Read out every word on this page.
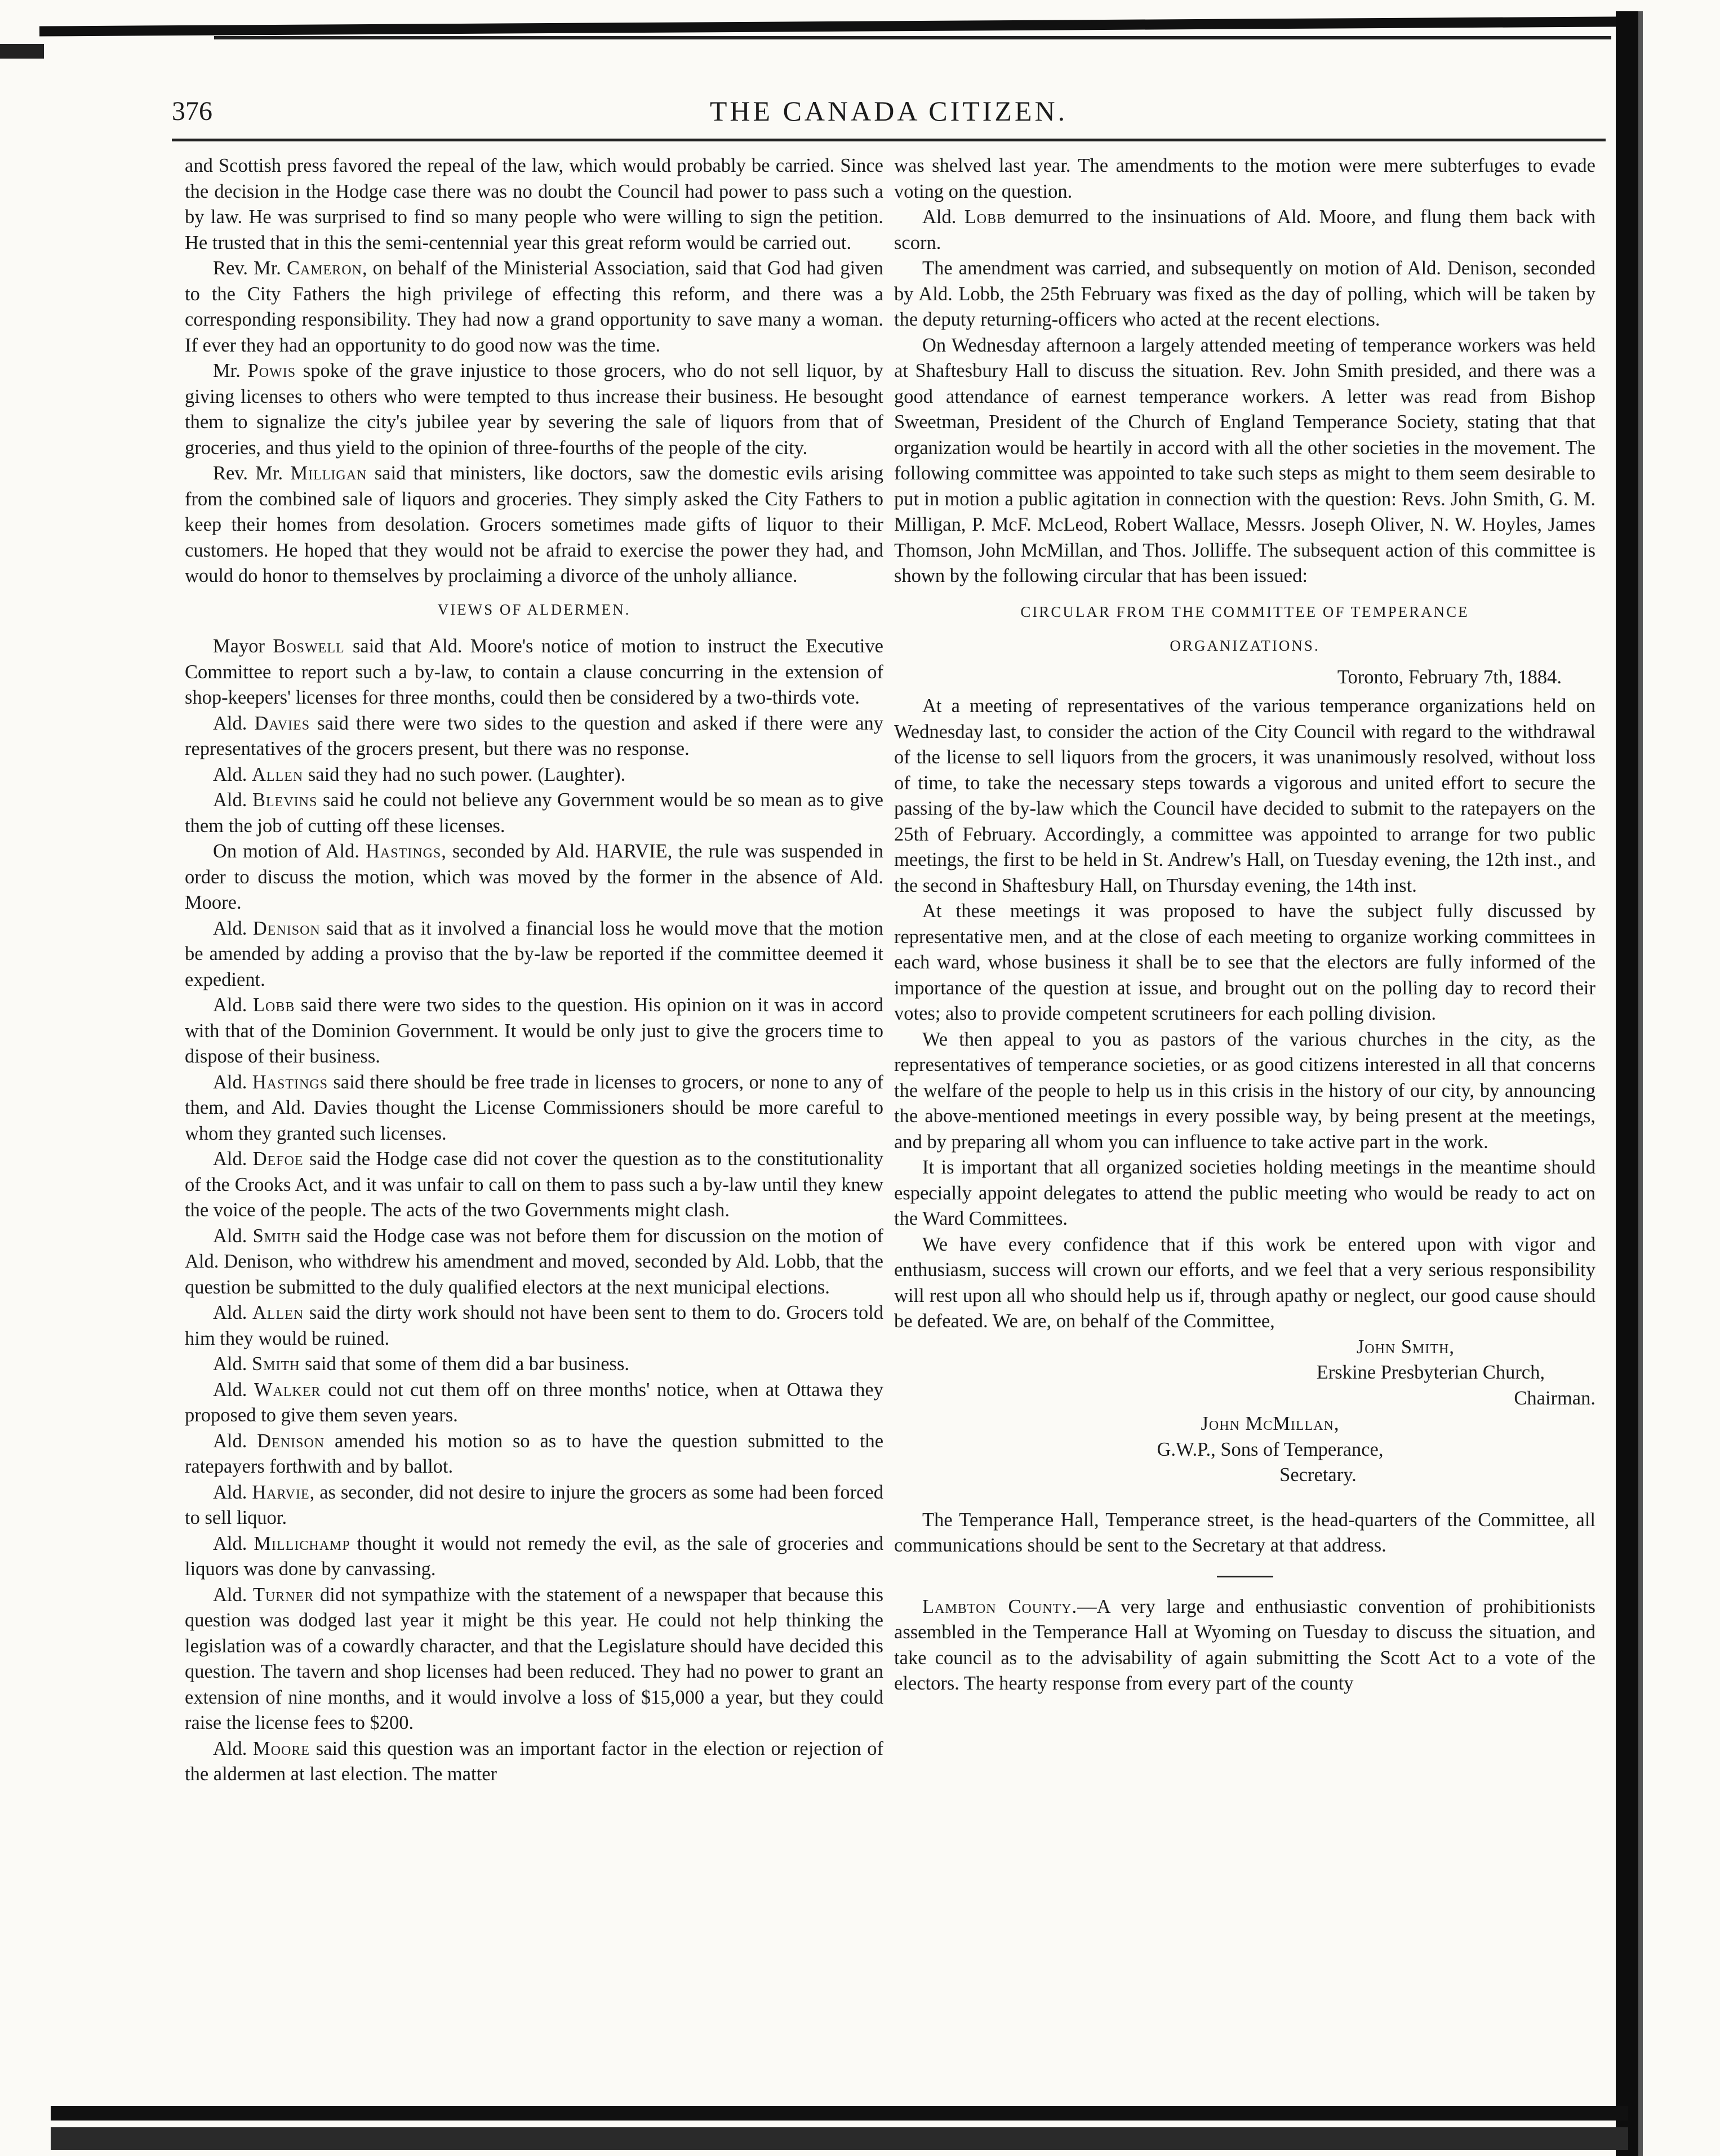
376	THE CANADA CITIZEN.

and Scottish press favored the repeal of the law, which would probably be carried. Since the decision in the Hodge case there was no doubt the Council had power to pass such a by law. He was surprised to find so many people who were willing to sign the petition. He trusted that in this the semi-centennial year this great reform would be carried out.

Rev. Mr. Cameron, on behalf of the Ministerial Association, said that God had given to the City Fathers the high privilege of effecting this reform, and there was a corresponding responsibility. They had now a grand opportunity to save many a woman. If ever they had an opportunity to do good now was the time.

Mr. Powis spoke of the grave injustice to those grocers, who do not sell liquor, by giving licenses to others who were tempted to thus increase their business. He besought them to signalize the city's jubilee year by severing the sale of liquors from that of groceries, and thus yield to the opinion of three-fourths of the people of the city.

Rev. Mr. Milligan said that ministers, like doctors, saw the domestic evils arising from the combined sale of liquors and groceries. They simply asked the City Fathers to keep their homes from desolation. Grocers sometimes made gifts of liquor to their customers. He hoped that they would not be afraid to exercise the power they had, and would do honor to themselves by proclaiming a divorce of the unholy alliance.

VIEWS OF ALDERMEN.

Mayor Boswell said that Ald. Moore's notice of motion to instruct the Executive Committee to report such a by-law, to contain a clause concurring in the extension of shop-keepers' licenses for three months, could then be considered by a two-thirds vote.

Ald. Davies said there were two sides to the question and asked if there were any representatives of the grocers present, but there was no response.

Ald. Allen said they had no such power. (Laughter).

Ald. Blevins said he could not believe any Government would be so mean as to give them the job of cutting off these licenses.

On motion of Ald. Hastings, seconded by Ald. HARVIE, the rule was suspended in order to discuss the motion, which was moved by the former in the absence of Ald. Moore.

Ald. Denison said that as it involved a financial loss he would move that the motion be amended by adding a proviso that the by-law be reported if the committee deemed it expedient.

Ald. Lobb said there were two sides to the question. His opinion on it was in accord with that of the Dominion Government. It would be only just to give the grocers time to dispose of their business.

Ald. Hastings said there should be free trade in licenses to grocers, or none to any of them, and Ald. Davies thought the License Commissioners should be more careful to whom they granted such licenses.

Ald. Defoe said the Hodge case did not cover the question as to the constitutionality of the Crooks Act, and it was unfair to call on them to pass such a by-law until they knew the voice of the people. The acts of the two Governments might clash.

Ald. Smith said the Hodge case was not before them for discussion on the motion of Ald. Denison, who withdrew his amendment and moved, seconded by Ald. Lobb, that the question be submitted to the duly qualified electors at the next municipal elections.

Ald. Allen said the dirty work should not have been sent to them to do. Grocers told him they would be ruined.

Ald. Smith said that some of them did a bar business.

Ald. Walker could not cut them off on three months' notice, when at Ottawa they proposed to give them seven years.

Ald. Denison amended his motion so as to have the question submitted to the ratepayers forthwith and by ballot.

Ald. Harvie, as seconder, did not desire to injure the grocers as some had been forced to sell liquor.

Ald. Millichamp thought it would not remedy the evil, as the sale of groceries and liquors was done by canvassing.

Ald. Turner did not sympathize with the statement of a newspaper that because this question was dodged last year it might be this year. He could not help thinking the legislation was of a cowardly character, and that the Legislature should have decided this question. The tavern and shop licenses had been reduced. They had no power to grant an extension of nine months, and it would involve a loss of $15,000 a year, but they could raise the license fees to $200.

Ald. Moore said this question was an important factor in the election or rejection of the aldermen at last election. The matter

was shelved last year. The amendments to the motion were mere subterfuges to evade voting on the question.

Ald. Lobb demurred to the insinuations of Ald. Moore, and flung them back with scorn.

The amendment was carried, and subsequently on motion of Ald. Denison, seconded by Ald. Lobb, the 25th February was fixed as the day of polling, which will be taken by the deputy returning-officers who acted at the recent elections.

On Wednesday afternoon a largely attended meeting of temperance workers was held at Shaftesbury Hall to discuss the situation. Rev. John Smith presided, and there was a good attendance of earnest temperance workers. A letter was read from Bishop Sweetman, President of the Church of England Temperance Society, stating that that organization would be heartily in accord with all the other societies in the movement. The following committee was appointed to take such steps as might to them seem desirable to put in motion a public agitation in connection with the question: Revs. John Smith, G. M. Milligan, P. McF. McLeod, Robert Wallace, Messrs. Joseph Oliver, N. W. Hoyles, James Thomson, John McMillan, and Thos. Jolliffe. The subsequent action of this committee is shown by the following circular that has been issued:

CIRCULAR FROM THE COMMITTEE OF TEMPERANCE
ORGANIZATIONS.
Toronto, February 7th, 1884.

At a meeting of representatives of the various temperance organizations held on Wednesday last, to consider the action of the City Council with regard to the withdrawal of the license to sell liquors from the grocers, it was unanimously resolved, without loss of time, to take the necessary steps towards a vigorous and united effort to secure the passing of the by-law which the Council have decided to submit to the ratepayers on the 25th of February. Accordingly, a committee was appointed to arrange for two public meetings, the first to be held in St. Andrew's Hall, on Tuesday evening, the 12th inst., and the second in Shaftesbury Hall, on Thursday evening, the 14th inst.

At these meetings it was proposed to have the subject fully discussed by representative men, and at the close of each meeting to organize working committees in each ward, whose business it shall be to see that the electors are fully informed of the importance of the question at issue, and brought out on the polling day to record their votes; also to provide competent scrutineers for each polling division.

We then appeal to you as pastors of the various churches in the city, as the representatives of temperance societies, or as good citizens interested in all that concerns the welfare of the people to help us in this crisis in the history of our city, by announcing the above-mentioned meetings in every possible way, by being present at the meetings, and by preparing all whom you can influence to take active part in the work.

It is important that all organized societies holding meetings in the meantime should especially appoint delegates to attend the public meeting who would be ready to act on the Ward Committees.

We have every confidence that if this work be entered upon with vigor and enthusiasm, success will crown our efforts, and we feel that a very serious responsibility will rest upon all who should help us if, through apathy or neglect, our good cause should be defeated. We are, on behalf of the Committee,

John Smith,
Erskine Presbyterian Church,
Chairman.
John McMillan,
G.W.P., Sons of Temperance,
Secretary.

The Temperance Hall, Temperance street, is the head-quarters of the Committee, all communications should be sent to the Secretary at that address.

Lambton County.—A very large and enthusiastic convention of prohibitionists assembled in the Temperance Hall at Wyoming on Tuesday to discuss the situation, and take council as to the advisability of again submitting the Scott Act to a vote of the electors. The hearty response from every part of the county
